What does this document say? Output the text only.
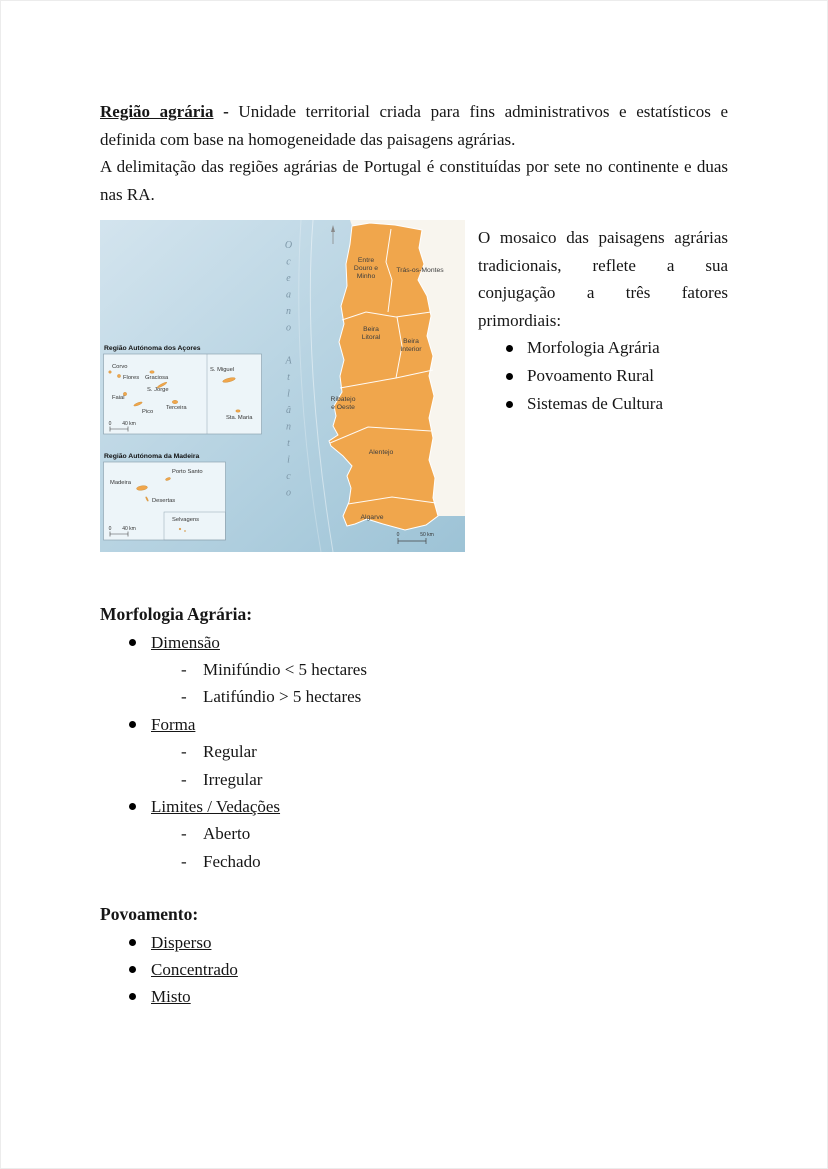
Região agrária - Unidade territorial criada para fins administrativos e estatísticos e definida com base na homogeneidade das paisagens agrárias.

A delimitação das regiões agrárias de Portugal é constituídas por sete no continente e duas nas RA.

Entre
Douro e
Minho
Trás-os-Montes
Beira
Litoral
Beira
Interior
Ribatejo
e Oeste
Alentejo
Algarve
0	50 km
Região Autónoma dos Açores
Corvo
Flores Graciosa
S. Jorge
S. Miguel
Faial
Pico
Terceira
Sta. Maria
0 40 km
Região Autónoma da Madeira
Porto Santo
Madeira
Desertas
Selvagens
0 40 km
Oceano Atlântico

O mosaico das paisagens agrárias tradicionais, reflete a sua conjugação a três fatores primordiais:

Morfologia Agrária
Povoamento Rural
Sistemas de Cultura
Morfologia Agrária:
Dimensão
- Minifúndio < 5 hectares
- Latifúndio > 5 hectares
Forma
- Regular
- Irregular
Limites / Vedações
- Aberto
- Fechado
Povoamento:
Disperso
Concentrado
Misto
